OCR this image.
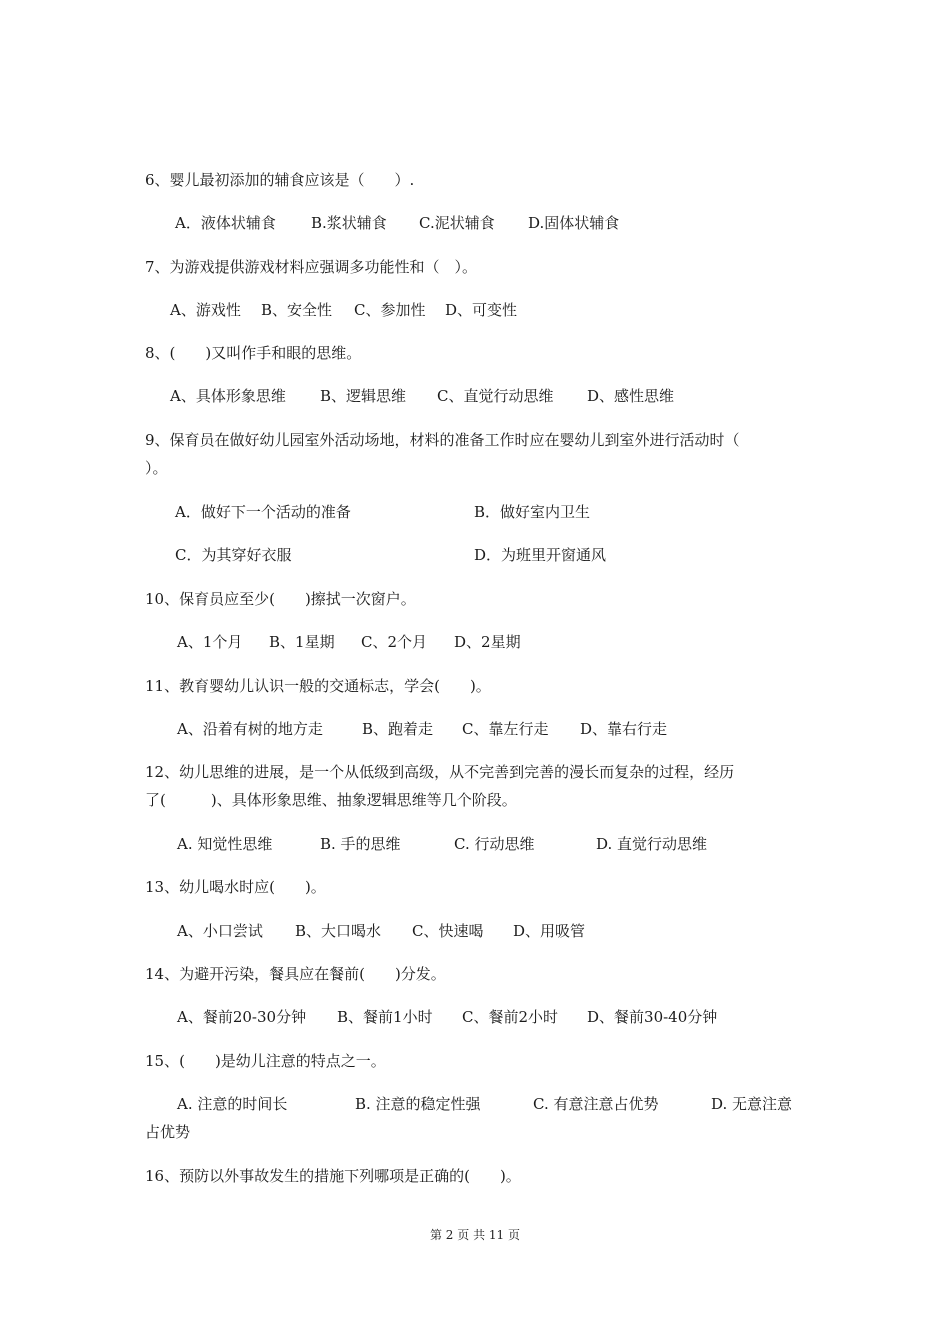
6、婴儿最初添加的辅食应该是（　　）.
A．液体状辅食 B.浆状辅食 C.泥状辅食 D.固体状辅食
7、为游戏提供游戏材料应强调多功能性和（　）。
A、游戏性 B、安全性 C、参加性 D、可变性
8、(　　)又叫作手和眼的思维。
A、具体形象思维 B、逻辑思维 C、直觉行动思维 D、感性思维
9、保育员在做好幼儿园室外活动场地，材料的准备工作时应在婴幼儿到室外进行活动时（
）。
A．做好下一个活动的准备	B．做好室内卫生
C．为其穿好衣服	D．为班里开窗通风
10、保育员应至少(　　)擦拭一次窗户。
A、1个月 B、1星期 C、2个月 D、2星期
11、教育婴幼儿认识一般的交通标志，学会(　　)。
A、沿着有树的地方走	B、跑着走 C、靠左行走 D、靠右行走
12、幼儿思维的进展，是一个从低级到高级，从不完善到完善的漫长而复杂的过程，经历
了(　　　)、具体形象思维、抽象逻辑思维等几个阶段。
A. 知觉性思维	B. 手的思维	C. 行动思维	D. 直觉行动思维
13、幼儿喝水时应(　　)。
A、小口尝试 B、大口喝水 C、快速喝 D、用吸管
14、为避开污染，餐具应在餐前(　　)分发。
A、餐前20-30分钟 B、餐前1小时 C、餐前2小时 D、餐前30-40分钟
15、(　　)是幼儿注意的特点之一。
A. 注意的时间长	B. 注意的稳定性强	C. 有意注意占优势	D. 无意注意
占优势
16、预防以外事故发生的措施下列哪项是正确的(　　)。
第 2 页 共 11 页
